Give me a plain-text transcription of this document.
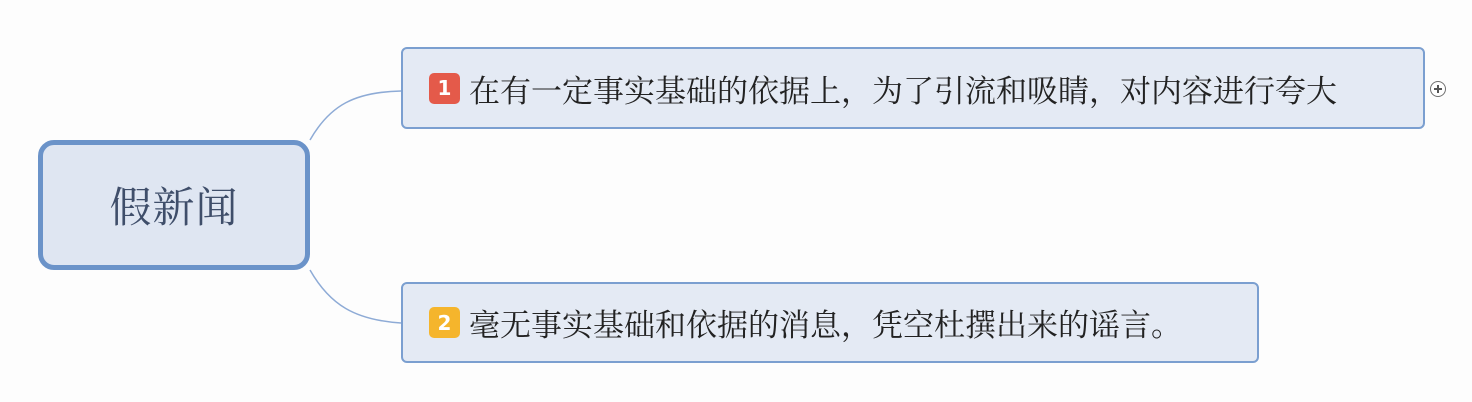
假新闻
1 在有一定事实基础的依据上，为了引流和吸睛，对内容进行夸大
2 毫无事实基础和依据的消息，凭空杜撰出来的谣言。
